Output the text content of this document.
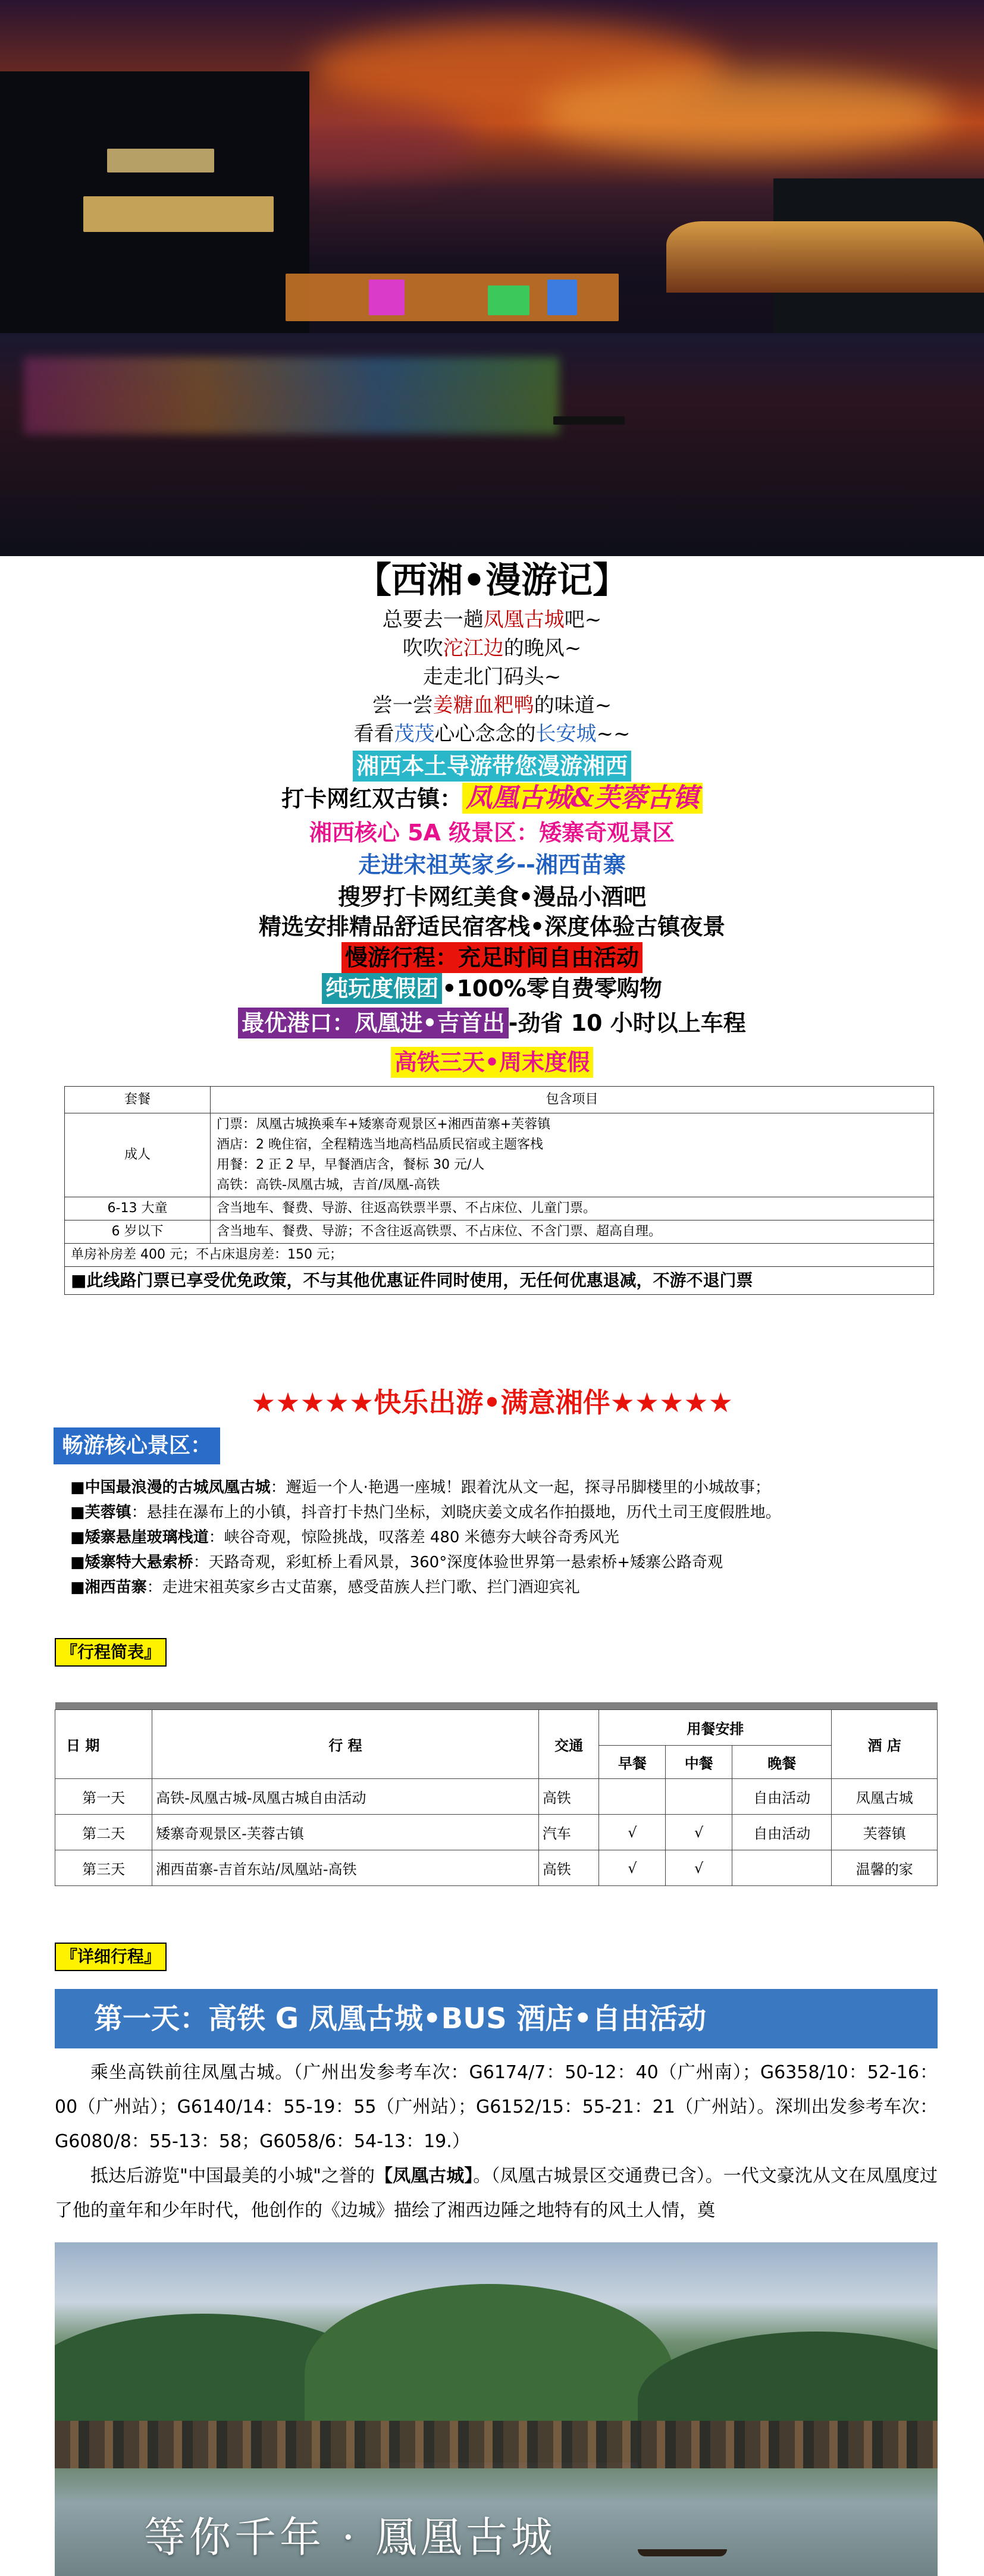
【西湘•漫游记】
总要去一趟凤凰古城吧~
吹吹沱江边的晚风~
走走北门码头~
尝一尝姜糖血粑鸭的味道~
看看茂茂心心念念的长安城~~
湘西本土导游带您漫游湘西
打卡网红双古镇： 凤凰古城&芙蓉古镇
湘西核心 5A 级景区：矮寨奇观景区
走进宋祖英家乡--湘西苗寨
搜罗打卡网红美食•漫品小酒吧
精选安排精品舒适民宿客栈•深度体验古镇夜景
慢游行程：充足时间自由活动
纯玩度假团 •100%零自费零购物
最优港口：凤凰进•吉首出 -劲省 10 小时以上车程
高铁三天•周末度假
套餐	包含项目
成人	门票：凤凰古城换乘车+矮寨奇观景区+湘西苗寨+芙蓉镇
酒店：2 晚住宿，全程精选当地高档品质民宿或主题客栈
用餐：2 正 2 早，早餐酒店含，餐标 30 元/人
高铁：高铁-凤凰古城，吉首/凤凰-高铁

6-13 大童	含当地车、餐费、导游、往返高铁票半票、不占床位、儿童门票。
6 岁以下	含当地车、餐费、导游；不含往返高铁票、不占床位、不含门票、超高自理。
单房补房差 400 元；不占床退房差：150 元；	
■此线路门票已享受优免政策，不与其他优惠证件同时使用，无任何优惠退减，不游不退门票	
★★★★★快乐出游•满意湘伴★★★★★
畅游核心景区：
■中国最浪漫的古城凤凰古城：邂逅一个人·艳遇一座城！跟着沈从文一起，探寻吊脚楼里的小城故事；
■芙蓉镇：悬挂在瀑布上的小镇，抖音打卡热门坐标，刘晓庆姜文成名作拍摄地，历代土司王度假胜地。
■矮寨悬崖玻璃栈道：峡谷奇观，惊险挑战，叹落差 480 米德夯大峡谷奇秀风光
■矮寨特大悬索桥：天路奇观，彩虹桥上看风景，360°深度体验世界第一悬索桥+矮寨公路奇观
■湘西苗寨：走进宋祖英家乡古丈苗寨，感受苗族人拦门歌、拦门酒迎宾礼
『行程简表』

日 期	行 程	交通	用餐安排			酒 店
			早餐	中餐	晚餐	
第一天	高铁-凤凰古城-凤凰古城自由活动	高铁			自由活动	凤凰古城
第二天	矮寨奇观景区-芙蓉古镇	汽车	√	√	自由活动	芙蓉镇
第三天	湘西苗寨-吉首东站/凤凰站-高铁	高铁	√	√		温馨的家
『详细行程』
第一天：高铁 G 凤凰古城•BUS 酒店•自由活动
乘坐高铁前往凤凰古城。（广州出发参考车次：G6174/7：50-12：40（广州南）；G6358/10：52-16：00（广州站）；G6140/14：55-19：55（广州站）；G6152/15：55-21：21（广州站）。深圳出发参考车次：G6080/8：55-13：58；G6058/6：54-13：19.）
抵达后游览"中国最美的小城"之誉的【凤凰古城】。（凤凰古城景区交通费已含）。一代文豪沈从文在凤凰度过了他的童年和少年时代，他创作的《边城》描绘了湘西边陲之地特有的风土人情，奠
等你千年 · 鳳凰古城
